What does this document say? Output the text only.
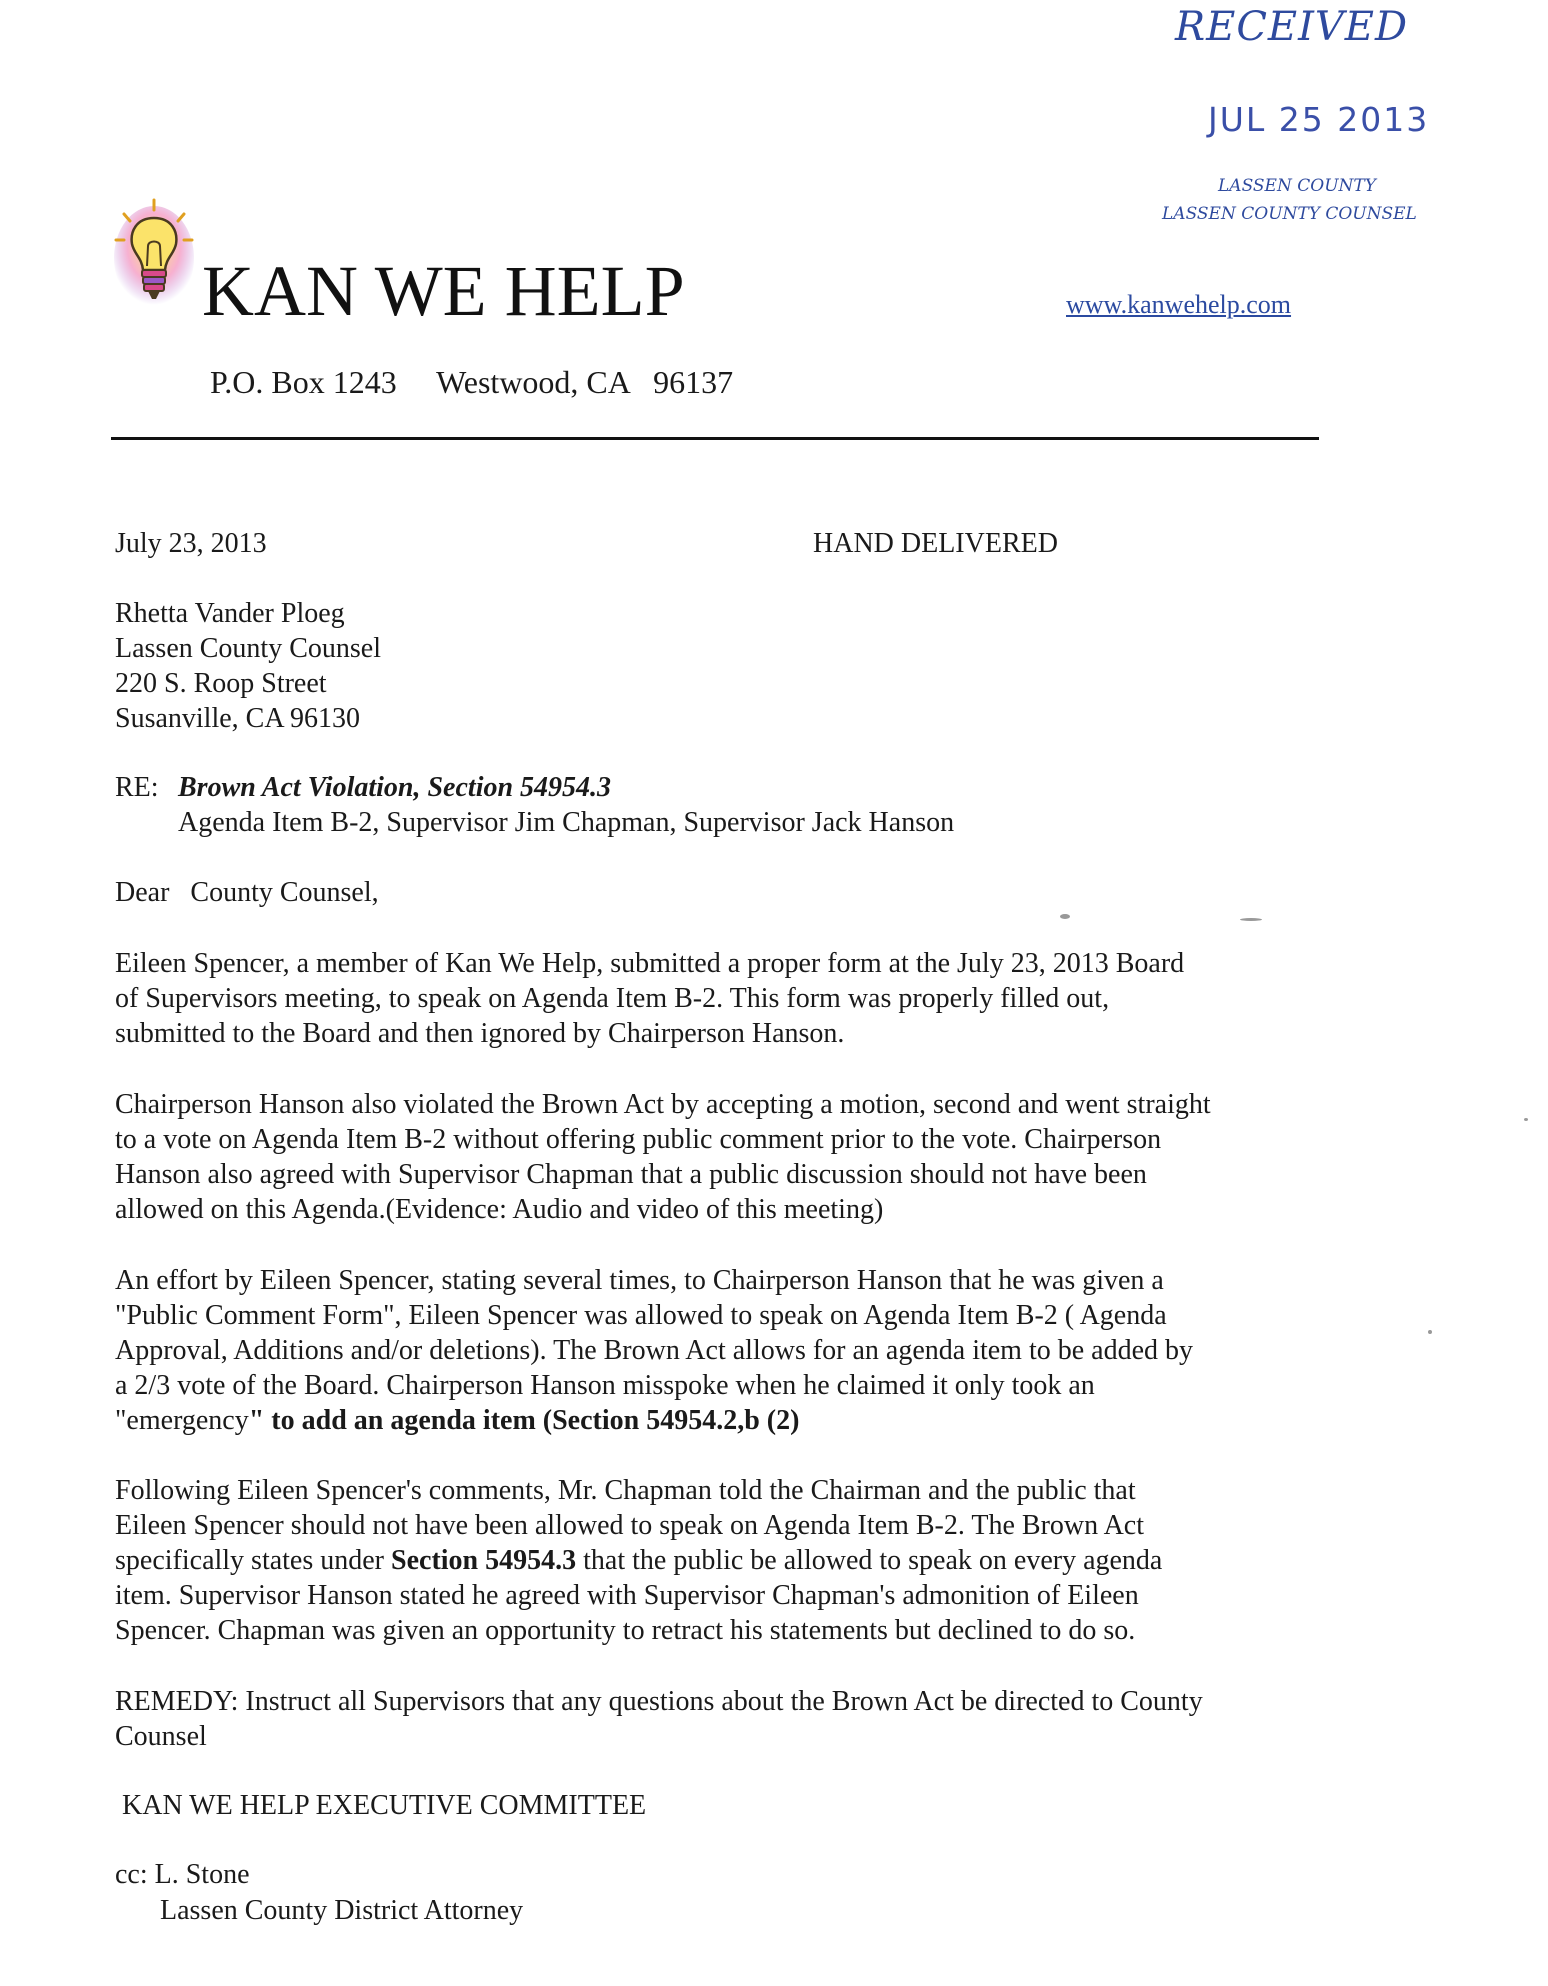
RECEIVED
JUL 25 2013
LASSEN COUNTY
LASSEN COUNTY COUNSEL
KAN WE HELP	www.kanwehelp.com
P.O. Box 1243     Westwood, CA   96137
July 23, 2013	HAND DELIVERED
Rhetta Vander Ploeg
Lassen County Counsel
220 S. Roop Street
Susanville, CA 96130
RE: Brown Act Violation, Section 54954.3
Agenda Item B-2, Supervisor Jim Chapman, Supervisor Jack Hanson
Dear   County Counsel,
Eileen Spencer, a member of Kan We Help, submitted a proper form at the July 23, 2013 Board
of Supervisors meeting, to speak on Agenda Item B-2. This form was properly filled out,
submitted to the Board and then ignored by Chairperson Hanson.
Chairperson Hanson also violated the Brown Act by accepting a motion, second and went straight
to a vote on Agenda Item B-2 without offering public comment prior to the vote. Chairperson
Hanson also agreed with Supervisor Chapman that a public discussion should not have been
allowed on this Agenda.(Evidence: Audio and video of this meeting)
An effort by Eileen Spencer, stating several times, to Chairperson Hanson that he was given a
"Public Comment Form", Eileen Spencer was allowed to speak on Agenda Item B-2 ( Agenda
Approval, Additions and/or deletions). The Brown Act allows for an agenda item to be added by
a 2/3 vote of the Board. Chairperson Hanson misspoke when he claimed it only took an
"emergency" to add an agenda item (Section 54954.2,b (2)
Following Eileen Spencer's comments, Mr. Chapman told the Chairman and the public that
Eileen Spencer should not have been allowed to speak on Agenda Item B-2. The Brown Act
specifically states under Section 54954.3 that the public be allowed to speak on every agenda
item. Supervisor Hanson stated he agreed with Supervisor Chapman's admonition of Eileen
Spencer. Chapman was given an opportunity to retract his statements but declined to do so.
REMEDY: Instruct all Supervisors that any questions about the Brown Act be directed to County
Counsel
KAN WE HELP EXECUTIVE COMMITTEE
cc: L. Stone
Lassen County District Attorney
